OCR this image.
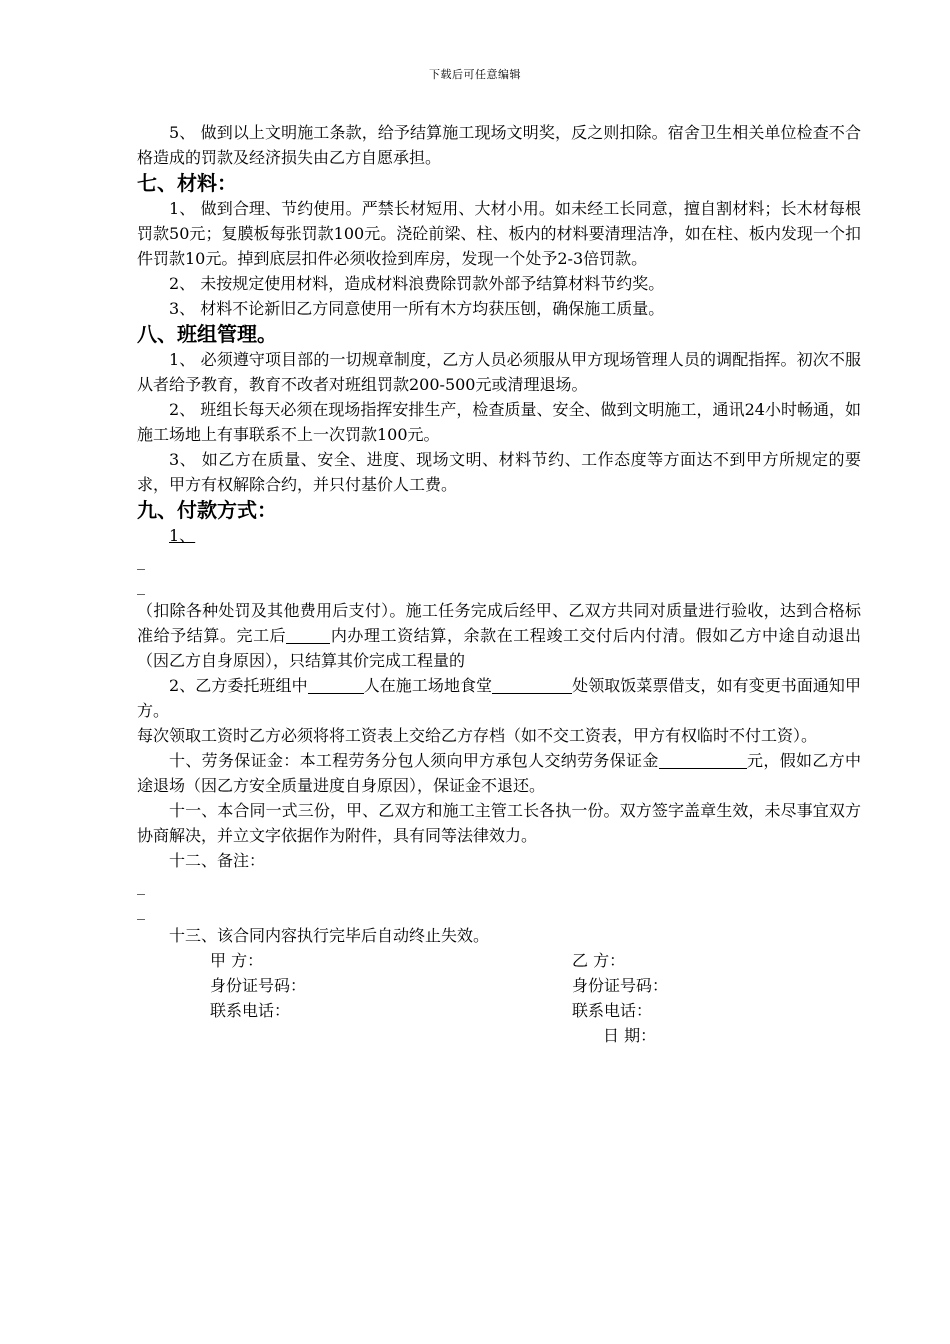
下载后可任意编辑

5、 做到以上文明施工条款，给予结算施工现场文明奖，反之则扣除。宿舍卫生相关单位检查不合格造成的罚款及经济损失由乙方自愿承担。

七、材料：

1、 做到合理、节约使用。严禁长材短用、大材小用。如未经工长同意，擅自割材料；长木材每根罚款50元；复膜板每张罚款100元。浇砼前梁、柱、板内的材料要清理洁净，如在柱、板内发现一个扣件罚款10元。掉到底层扣件必须收捡到库房，发现一个处予2-3倍罚款。

2、 未按规定使用材料，造成材料浪费除罚款外部予结算材料节约奖。

3、 材料不论新旧乙方同意使用一所有木方均获压刨，确保施工质量。

八、班组管理。

1、 必须遵守项目部的一切规章制度，乙方人员必须服从甲方现场管理人员的调配指挥。初次不服从者给予教育，教育不改者对班组罚款200-500元或清理退场。

2、 班组长每天必须在现场指挥安排生产，检查质量、安全、做到文明施工，通讯24小时畅通，如施工场地上有事联系不上一次罚款100元。

3、 如乙方在质量、安全、进度、现场文明、材料节约、工作态度等方面达不到甲方所规定的要求，甲方有权解除合约，并只付基价人工费。

九、付款方式：

1、

_
_

（扣除各种处罚及其他费用后支付）。施工任务完成后经甲、乙双方共同对质量进行验收，达到合格标准给予结算。完工后	内办理工资结算，余款在工程竣工交付后内付清。假如乙方中途自动退出（因乙方自身原因），只结算其价完成工程量的

2、乙方委托班组中	人在施工场地食堂	处领取饭菜票借支，如有变更书面通知甲方。

每次领取工资时乙方必须将将工资表上交给乙方存档（如不交工资表，甲方有权临时不付工资）。

十、劳务保证金：本工程劳务分包人须向甲方承包人交纳劳务保证金	元，假如乙方中途退场（因乙方安全质量进度自身原因），保证金不退还。

十一、本合同一式三份，甲、乙双方和施工主管工长各执一份。双方签字盖章生效，未尽事宜双方协商解决，并立文字依据作为附件，具有同等法律效力。

十二、备注：

_
_

十三、该合同内容执行完毕后自动终止失效。

甲 方：	乙 方：
身份证号码：	身份证号码：
联系电话：	联系电话：
日 期：
